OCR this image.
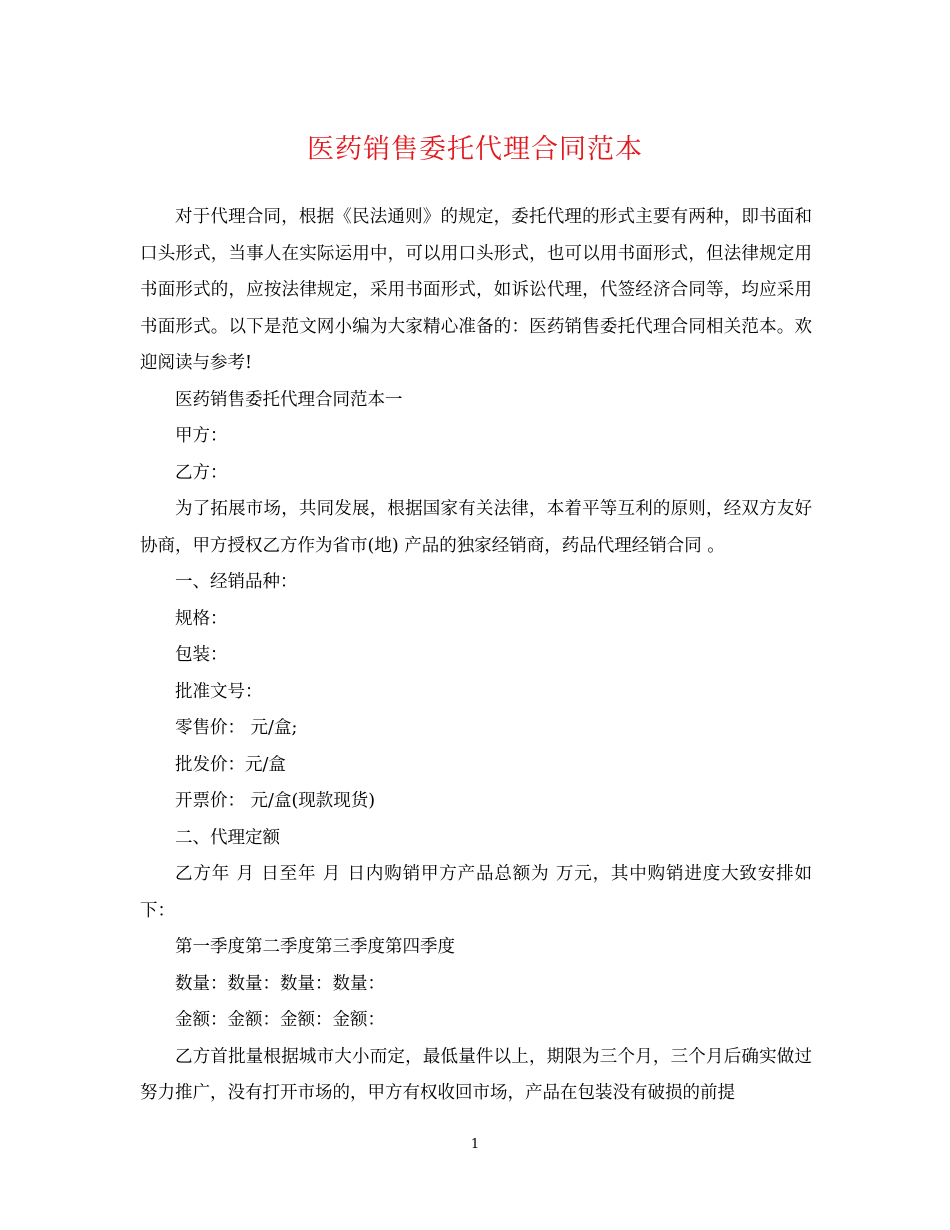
医药销售委托代理合同范本

对于代理合同，根据《民法通则》的规定，委托代理的形式主要有两种，即书面和口头形式，当事人在实际运用中，可以用口头形式，也可以用书面形式，但法律规定用书面形式的，应按法律规定，采用书面形式，如诉讼代理，代签经济合同等，均应采用书面形式。以下是范文网小编为大家精心准备的：医药销售委托代理合同相关范本。欢迎阅读与参考!

医药销售委托代理合同范本一

甲方：

乙方：

为了拓展市场，共同发展，根据国家有关法律，本着平等互利的原则，经双方友好协商，甲方授权乙方作为省市(地) 产品的独家经销商，药品代理经销合同 。

一、经销品种：

规格：

包装：

批准文号：

零售价： 元/盒;

批发价：元/盒

开票价： 元/盒(现款现货)

二、代理定额

乙方年 月 日至年 月 日内购销甲方产品总额为 万元，其中购销进度大致安排如下：

第一季度第二季度第三季度第四季度

数量：数量：数量：数量：

金额：金额：金额：金额：

乙方首批量根据城市大小而定，最低量件以上，期限为三个月，三个月后确实做过努力推广，没有打开市场的，甲方有权收回市场，产品在包装没有破损的前提

1
